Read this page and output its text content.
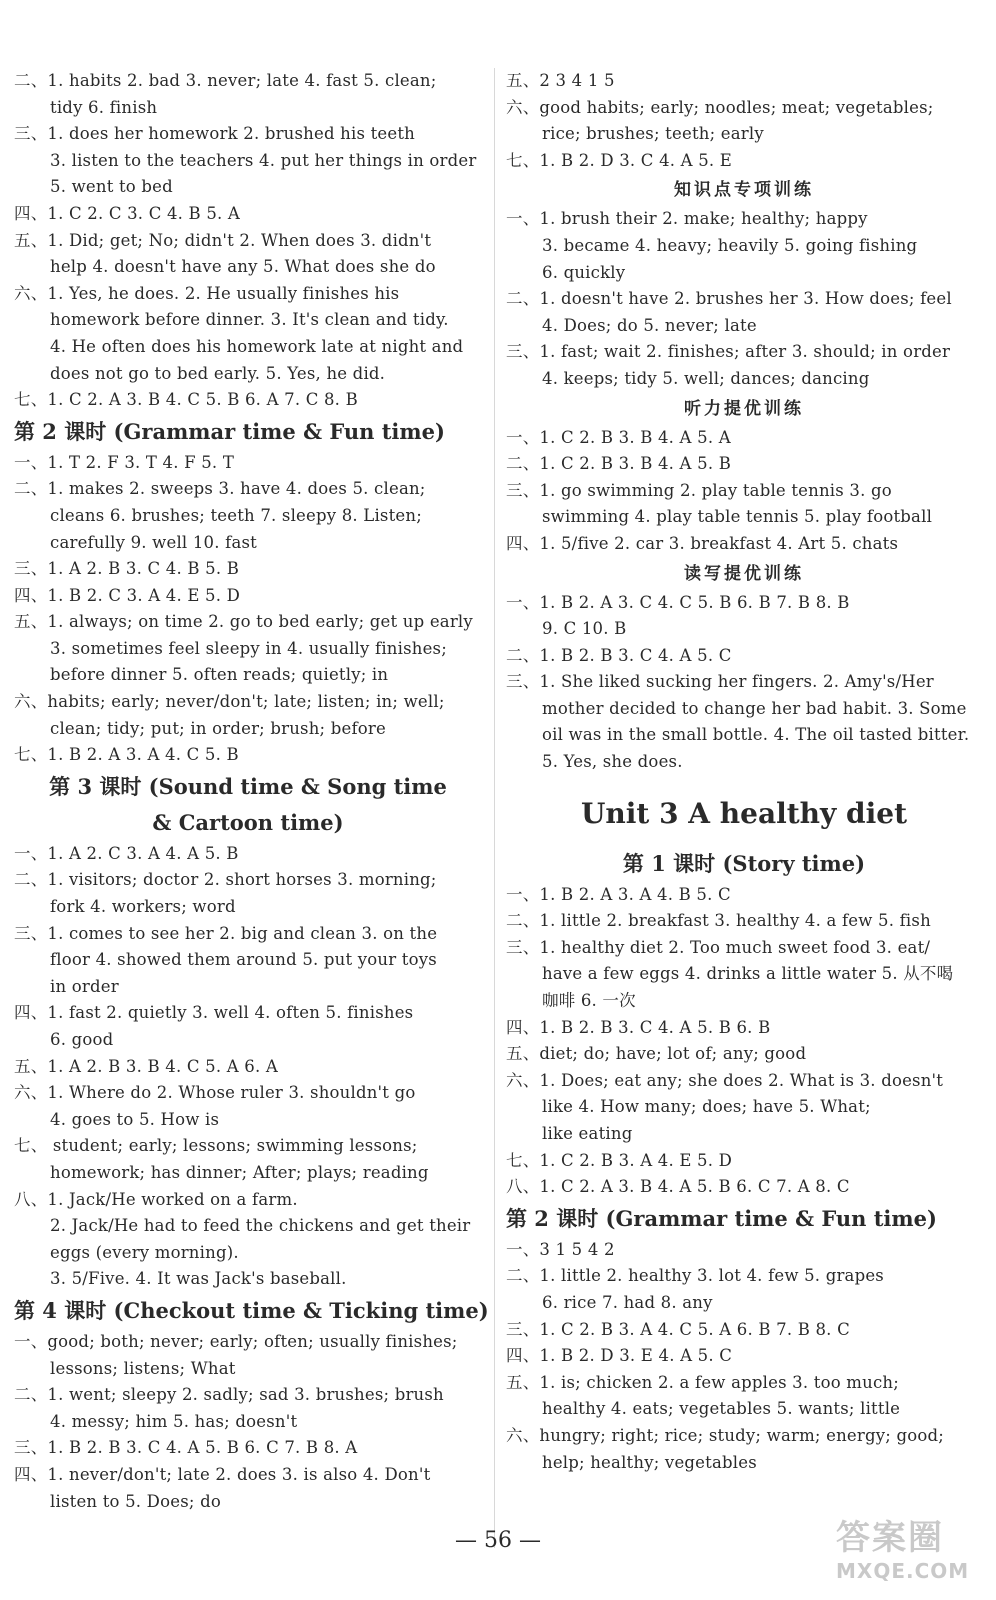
二、1. habits 2. bad 3. never; late 4. fast 5. clean;
tidy 6. finish
三、1. does her homework 2. brushed his teeth
3. listen to the teachers 4. put her things in order
5. went to bed
四、1. C 2. C 3. C 4. B 5. A
五、1. Did; get; No; didn't 2. When does 3. didn't
help 4. doesn't have any 5. What does she do
六、1. Yes, he does. 2. He usually finishes his
homework before dinner. 3. It's clean and tidy.
4. He often does his homework late at night and
does not go to bed early. 5. Yes, he did.
七、1. C 2. A 3. B 4. C 5. B 6. A 7. C 8. B
第 2 课时 (Grammar time & Fun time)
一、1. T 2. F 3. T 4. F 5. T
二、1. makes 2. sweeps 3. have 4. does 5. clean;
cleans 6. brushes; teeth 7. sleepy 8. Listen;
carefully 9. well 10. fast
三、1. A 2. B 3. C 4. B 5. B
四、1. B 2. C 3. A 4. E 5. D
五、1. always; on time 2. go to bed early; get up early
3. sometimes feel sleepy in 4. usually finishes;
before dinner 5. often reads; quietly; in
六、habits; early; never/don't; late; listen; in; well;
clean; tidy; put; in order; brush; before
七、1. B 2. A 3. A 4. C 5. B
第 3 课时 (Sound time & Song time
& Cartoon time)
一、1. A 2. C 3. A 4. A 5. B
二、1. visitors; doctor 2. short horses 3. morning;
fork 4. workers; word
三、1. comes to see her 2. big and clean 3. on the
floor 4. showed them around 5. put your toys
in order
四、1. fast 2. quietly 3. well 4. often 5. finishes
6. good
五、1. A 2. B 3. B 4. C 5. A 6. A
六、1. Where do 2. Whose ruler 3. shouldn't go
4. goes to 5. How is
七、 student; early; lessons; swimming lessons;
homework; has dinner; After; plays; reading
八、1. Jack/He worked on a farm.
2. Jack/He had to feed the chickens and get their
eggs (every morning).
3. 5/Five. 4. It was Jack's baseball.
第 4 课时 (Checkout time & Ticking time)
一、good; both; never; early; often; usually finishes;
lessons; listens; What
二、1. went; sleepy 2. sadly; sad 3. brushes; brush
4. messy; him 5. has; doesn't
三、1. B 2. B 3. C 4. A 5. B 6. C 7. B 8. A
四、1. never/don't; late 2. does 3. is also 4. Don't
listen to 5. Does; do
五、2 3 4 1 5
六、good habits; early; noodles; meat; vegetables;
rice; brushes; teeth; early
七、1. B 2. D 3. C 4. A 5. E
知识点专项训练
一、1. brush their 2. make; healthy; happy
3. became 4. heavy; heavily 5. going fishing
6. quickly
二、1. doesn't have 2. brushes her 3. How does; feel
4. Does; do 5. never; late
三、1. fast; wait 2. finishes; after 3. should; in order
4. keeps; tidy 5. well; dances; dancing
听力提优训练
一、1. C 2. B 3. B 4. A 5. A
二、1. C 2. B 3. B 4. A 5. B
三、1. go swimming 2. play table tennis 3. go
swimming 4. play table tennis 5. play football
四、1. 5/five 2. car 3. breakfast 4. Art 5. chats
读写提优训练
一、1. B 2. A 3. C 4. C 5. B 6. B 7. B 8. B
9. C 10. B
二、1. B 2. B 3. C 4. A 5. C
三、1. She liked sucking her fingers. 2. Amy's/Her
mother decided to change her bad habit. 3. Some
oil was in the small bottle. 4. The oil tasted bitter.
5. Yes, she does.
Unit 3 A healthy diet
第 1 课时 (Story time)
一、1. B 2. A 3. A 4. B 5. C
二、1. little 2. breakfast 3. healthy 4. a few 5. fish
三、1. healthy diet 2. Too much sweet food 3. eat/
have a few eggs 4. drinks a little water 5. 从不喝
咖啡 6. 一次
四、1. B 2. B 3. C 4. A 5. B 6. B
五、diet; do; have; lot of; any; good
六、1. Does; eat any; she does 2. What is 3. doesn't
like 4. How many; does; have 5. What;
like eating
七、1. C 2. B 3. A 4. E 5. D
八、1. C 2. A 3. B 4. A 5. B 6. C 7. A 8. C
第 2 课时 (Grammar time & Fun time)
一、3 1 5 4 2
二、1. little 2. healthy 3. lot 4. few 5. grapes
6. rice 7. had 8. any
三、1. C 2. B 3. A 4. C 5. A 6. B 7. B 8. C
四、1. B 2. D 3. E 4. A 5. C
五、1. is; chicken 2. a few apples 3. too much;
healthy 4. eats; vegetables 5. wants; little
六、hungry; right; rice; study; warm; energy; good;
help; healthy; vegetables
— 56 —	答案圈
MXQE.COM
